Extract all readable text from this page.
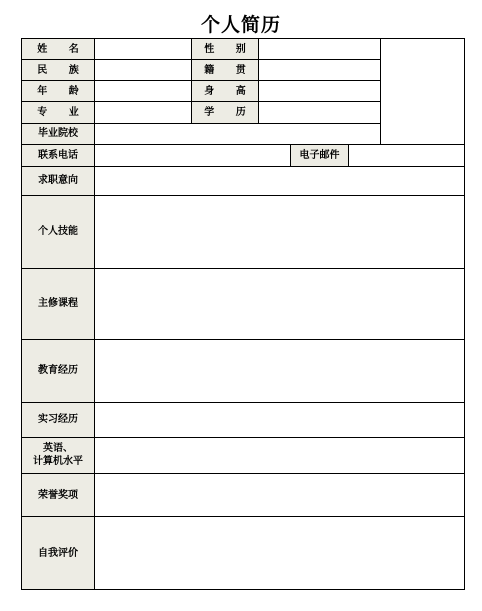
个人简历
姓 名		性 别				
民 族		籍 贯				
年 龄		身 高				
专 业		学 历				
毕业院校						
联系电话				电子邮件		
求职意向						
个人技能						
主修课程						
教育经历						
实习经历						
英语、
计算机水平						
荣誉奖项						
自我评价						
